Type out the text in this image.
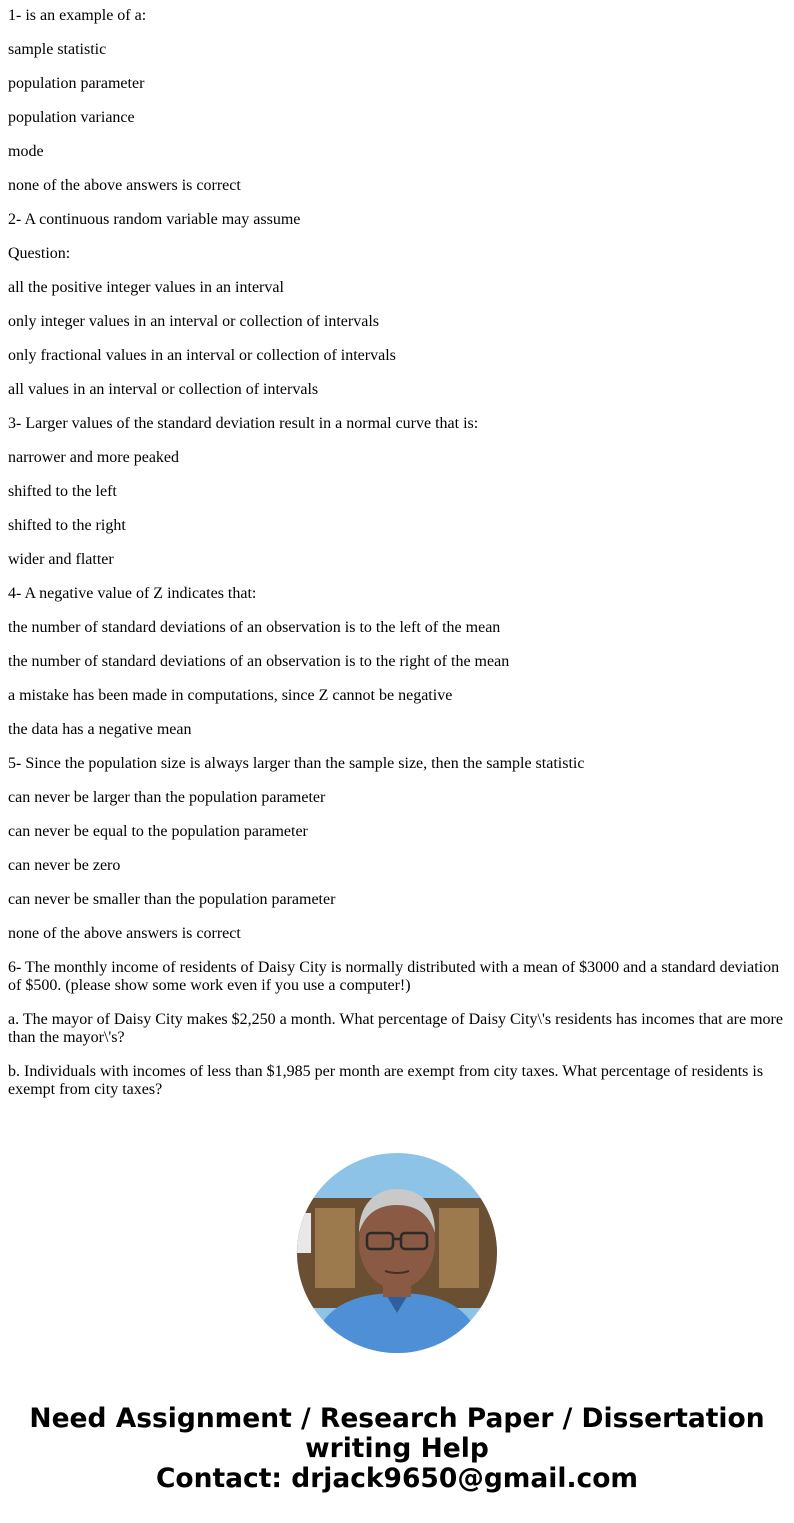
1- is an example of a:

sample statistic

population parameter

population variance

mode

none of the above answers is correct

2- A continuous random variable may assume

Question:

all the positive integer values in an interval

only integer values in an interval or collection of intervals

only fractional values in an interval or collection of intervals

all values in an interval or collection of intervals

3- Larger values of the standard deviation result in a normal curve that is:

narrower and more peaked

shifted to the left

shifted to the right

wider and flatter

4- A negative value of Z indicates that:

the number of standard deviations of an observation is to the left of the mean

the number of standard deviations of an observation is to the right of the mean

a mistake has been made in computations, since Z cannot be negative

the data has a negative mean

5- Since the population size is always larger than the sample size, then the sample statistic

can never be larger than the population parameter

can never be equal to the population parameter

can never be zero

can never be smaller than the population parameter

none of the above answers is correct

6- The monthly income of residents of Daisy City is normally distributed with a mean of $3000 and a standard deviation of $500. (please show some work even if you use a computer!)

a. The mayor of Daisy City makes $2,250 a month. What percentage of Daisy City\'s residents has incomes that are more than the mayor\'s?

b. Individuals with incomes of less than $1,985 per month are exempt from city taxes. What percentage of residents is exempt from city taxes?

Need Assignment / Research Paper / Dissertation
writing Help
Contact: drjack9650@gmail.com
